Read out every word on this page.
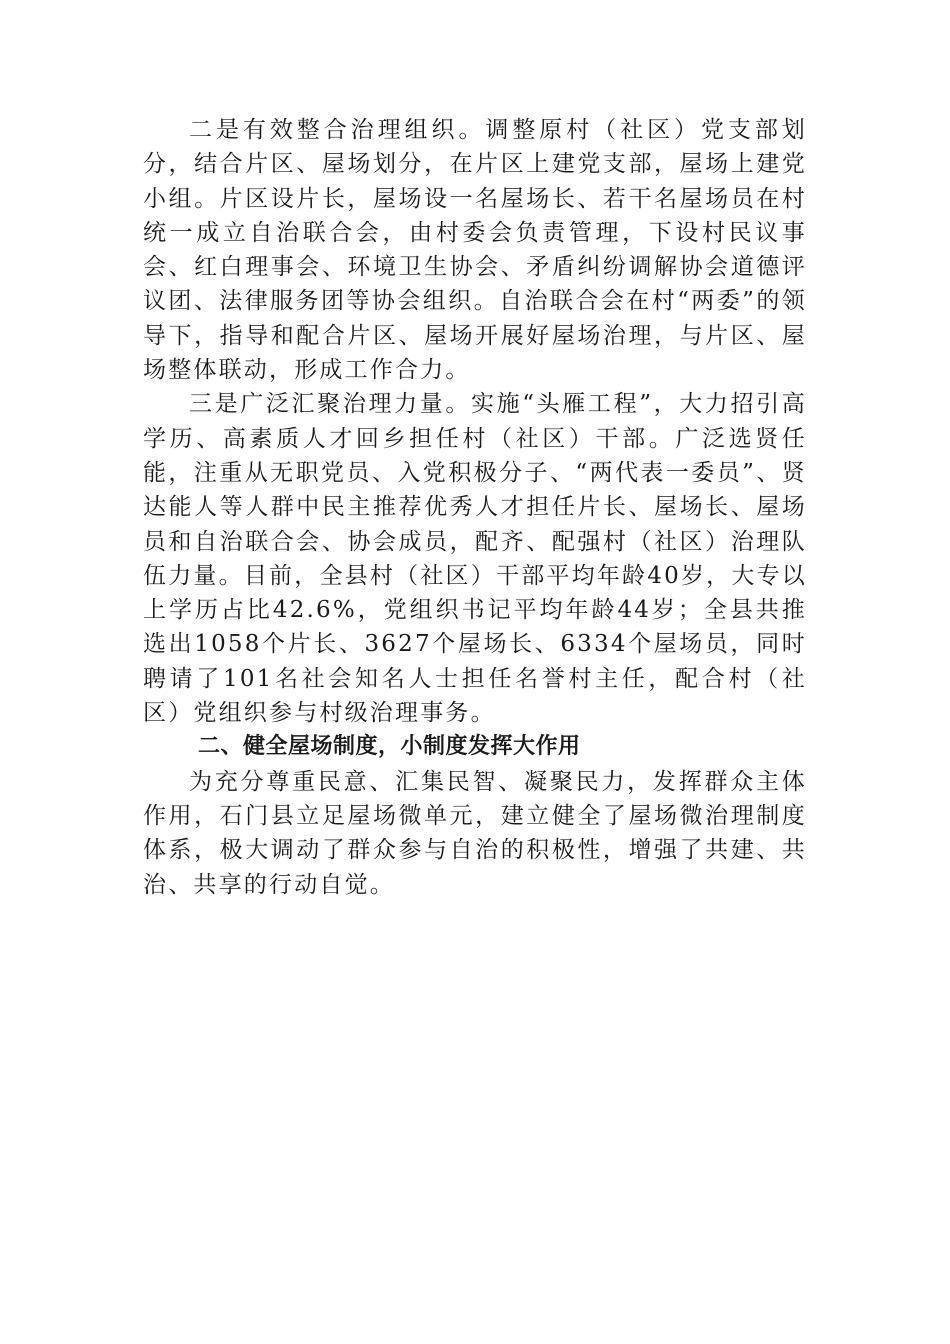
二是有效整合治理组织。调整原村（社区）党支部划分，结合片区、屋场划分，在片区上建党支部，屋场上建党小组。片区设片长，屋场设一名屋场长、若干名屋场员在村统一成立自治联合会，由村委会负责管理，下设村民议事会、红白理事会、环境卫生协会、矛盾纠纷调解协会道德评议团、法律服务团等协会组织。自治联合会在村“两委”的领导下，指导和配合片区、屋场开展好屋场治理，与片区、屋场整体联动，形成工作合力。

三是广泛汇聚治理力量。实施“头雁工程”，大力招引高学历、高素质人才回乡担任村（社区）干部。广泛选贤任能，注重从无职党员、入党积极分子、“两代表一委员”、贤达能人等人群中民主推荐优秀人才担任片长、屋场长、屋场员和自治联合会、协会成员，配齐、配强村（社区）治理队伍力量。目前，全县村（社区）干部平均年龄40岁，大专以上学历占比42.6%，党组织书记平均年龄44岁；全县共推选出1058个片长、3627个屋场长、6334个屋场员，同时聘请了101名社会知名人士担任名誉村主任，配合村（社区）党组织参与村级治理事务。

二、健全屋场制度，小制度发挥大作用

为充分尊重民意、汇集民智、凝聚民力，发挥群众主体作用，石门县立足屋场微单元，建立健全了屋场微治理制度体系，极大调动了群众参与自治的积极性，增强了共建、共治、共享的行动自觉。
